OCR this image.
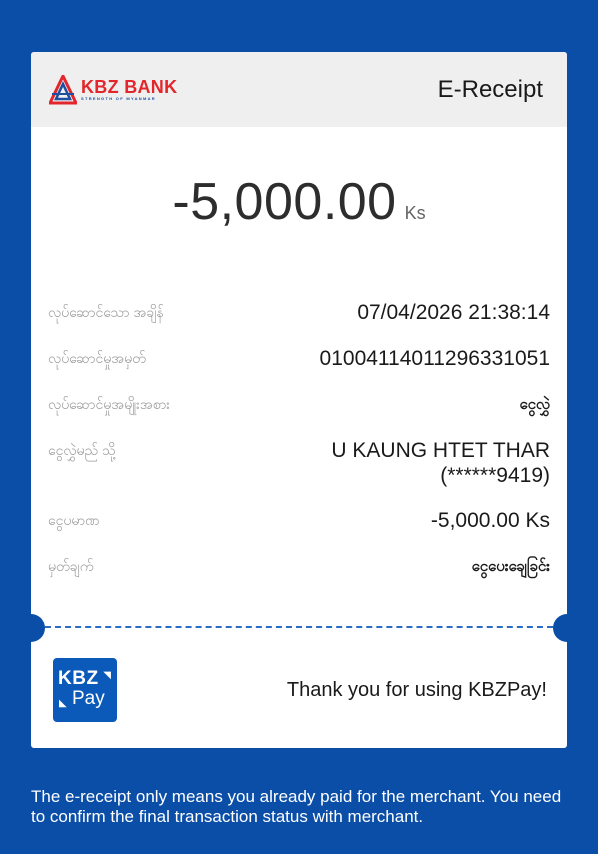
KBZ BANK
STRENGTH OF MYANMAR	E-Receipt
-5,000.00 Ks
လုပ်ဆောင်သော အချိန်	07/04/2026 21:38:14
လုပ်ဆောင်မှုအမှတ်	01004114011296331051
လုပ်ဆောင်မှုအမျိုးအစား	ငွေလွှဲ
ငွေလွှဲမည် သို့	U KAUNG HTET THAR
(******9419)
ငွေပမာဏ	-5,000.00 Ks
မှတ်ချက်	ငွေပေးချေခြင်း
KBZ ◥
◣ Pay	Thank you for using KBZPay!
The e-receipt only means you already paid for the merchant. You need to confirm the final transaction status with merchant.
